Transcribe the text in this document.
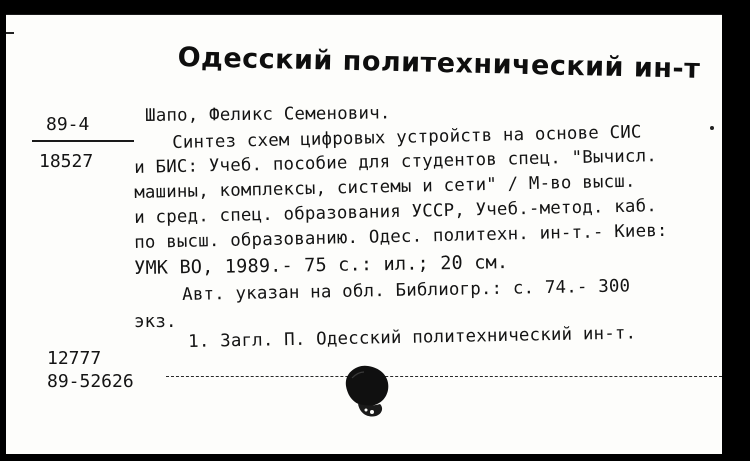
Одесский политехнический ин-т
89-4
18527
Шапо, Феликс Семенович.
Синтез схем цифровых устройств на основе СИС
и БИС: Учеб. пособие для студентов спец. "Вычисл.
машины, комплексы, системы и сети" / М-во высш.
и сред. спец. образования УССР, Учеб.-метод. каб.
по высш. образованию. Одес. политехн. ин-т.- Киев:
УМК ВО, 1989.- 75 с.: ил.; 20 см.
Авт. указан на обл. Библиогр.: с. 74.- 300
экз.
1. Загл. П. Одесский политехнический ин-т.
12777
89-52626
